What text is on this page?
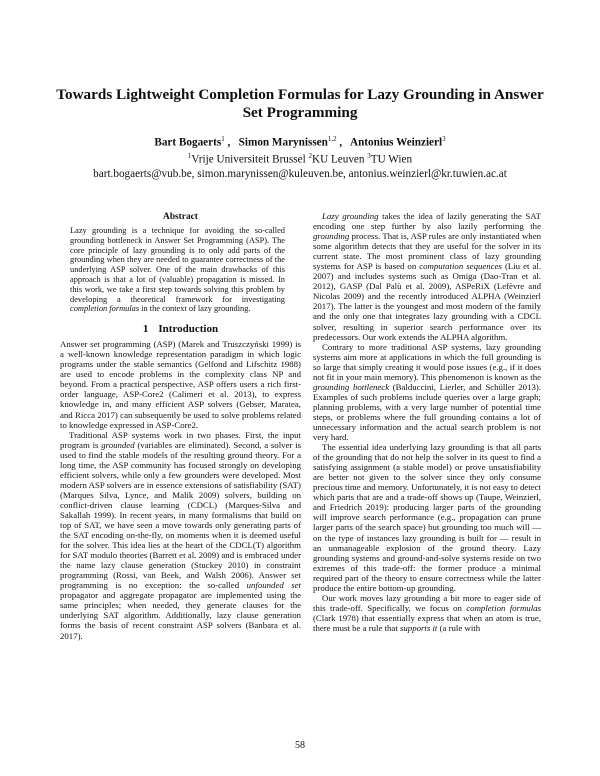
Towards Lightweight Completion Formulas for Lazy Grounding in Answer Set Programming
Bart Bogaerts$^1$ ,   Simon Marynissen$^{1,2}$ ,   Antonius Weinzierl$^3$
$^1$Vrije Universiteit Brussel $^2$KU Leuven $^3$TU Wien
bart.bogaerts@vub.be, simon.marynissen@kuleuven.be, antonius.weinzierl@kr.tuwien.ac.at
Abstract

Lazy grounding is a technique for avoiding the so-called grounding bottleneck in Answer Set Programming (ASP). The core principle of lazy grounding is to only add parts of the grounding when they are needed to guarantee correctness of the underlying ASP solver. One of the main drawbacks of this approach is that a lot of (valuable) propagation is missed. In this work, we take a first step towards solving this problem by developing a theoretical framework for investigating completion formulas in the context of lazy grounding.

1 Introduction

Answer set programming (ASP) (Marek and Truszczyński 1999) is a well-known knowledge representation paradigm in which logic programs under the stable semantics (Gelfond and Lifschitz 1988) are used to encode problems in the complexity class NP and beyond. From a practical perspective, ASP offers users a rich first-order language, ASP-Core2 (Calimeri et al. 2013), to express knowledge in, and many efficient ASP solvers (Gebser, Maratea, and Ricca 2017) can subsequently be used to solve problems related to knowledge expressed in ASP-Core2.

Traditional ASP systems work in two phases. First, the input program is grounded (variables are eliminated). Second, a solver is used to find the stable models of the resulting ground theory. For a long time, the ASP community has focused strongly on developing efficient solvers, while only a few grounders were developed. Most modern ASP solvers are in essence extensions of satisfiability (SAT) (Marques Silva, Lynce, and Malik 2009) solvers, building on conflict-driven clause learning (CDCL) (Marques-Silva and Sakallah 1999). In recent years, in many formalisms that build on top of SAT, we have seen a move towards only generating parts of the SAT encoding on-the-fly, on moments when it is deemed useful for the solver. This idea lies at the heart of the CDCL(T) algorithm for SAT modulo theories (Barrett et al. 2009) and is embraced under the name lazy clause generation (Stuckey 2010) in constraint programming (Rossi, van Beek, and Walsh 2006). Answer set programming is no exception: the so-called unfounded set propagator and aggregate propagator are implemented using the same principles; when needed, they generate clauses for the underlying SAT algorithm. Additionally, lazy clause generation forms the basis of recent constraint ASP solvers (Banbara et al. 2017).

Lazy grounding takes the idea of lazily generating the SAT encoding one step further by also lazily performing the grounding process. That is, ASP rules are only instantiated when some algorithm detects that they are useful for the solver in its current state. The most prominent class of lazy grounding systems for ASP is based on computation sequences (Liu et al. 2007) and includes systems such as Omiga (Dao-Tran et al. 2012), GASP (Dal Palù et al. 2009), ASPeRiX (Lefèvre and Nicolas 2009) and the recently introduced ALPHA (Weinzierl 2017). The latter is the youngest and most modern of the family and the only one that integrates lazy grounding with a CDCL solver, resulting in superior search performance over its predecessors. Our work extends the ALPHA algorithm.

Contrary to more traditional ASP systems, lazy grounding systems aim more at applications in which the full grounding is so large that simply creating it would pose issues (e.g., if it does not fit in your main memory). This phenomenon is known as the grounding bottleneck (Balduccini, Lierler, and Schüller 2013). Examples of such problems include queries over a large graph; planning problems, with a very large number of potential time steps, or problems where the full grounding contains a lot of unnecessary information and the actual search problem is not very hard.

The essential idea underlying lazy grounding is that all parts of the grounding that do not help the solver in its quest to find a satisfying assignment (a stable model) or prove unsatisfiability are better not given to the solver since they only consume precious time and memory. Unfortunately, it is not easy to detect which parts that are and a trade-off shows up (Taupe, Weinzierl, and Friedrich 2019): producing larger parts of the grounding will improve search performance (e.g., propagation can prune larger parts of the search space) but grounding too much will — on the type of instances lazy grounding is built for — result in an unmanageable explosion of the ground theory. Lazy grounding systems and ground-and-solve systems reside on two extremes of this trade-off: the former produce a minimal required part of the theory to ensure correctness while the latter produce the entire bottom-up grounding.

Our work moves lazy grounding a bit more to eager side of this trade-off. Specifically, we focus on completion formulas (Clark 1978) that essentially express that when an atom is true, there must be a rule that supports it (a rule with

58
